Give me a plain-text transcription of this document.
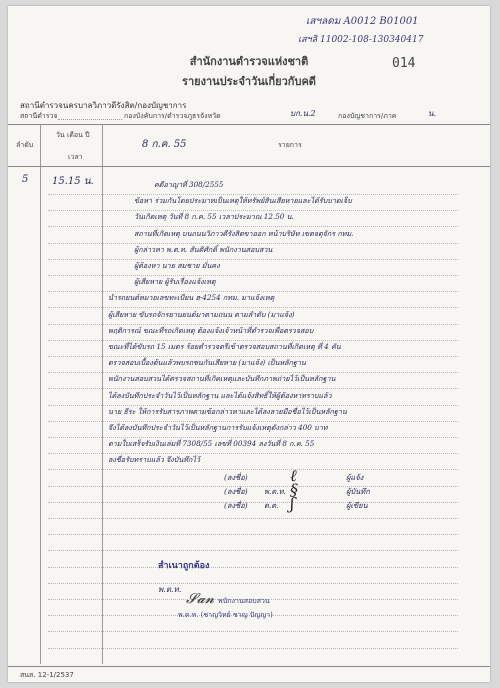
เสฯลดม A0012 B01001
เสฯลิ 11002-108-130340417
014
สำนักงานตำรวจแห่งชาติ
รายงานประจำวันเกี่ยวกับคดี
สถานีตำรวจนครบาลวิภาวดีรังสิต/กองบัญชาการ
สถานีตำรวจ	กองบังคับการ/ตำรวจภูธรจังหวัด	บก.น.2	กองบัญชาการ/ภาค	น.
ลำดับ
วัน เดือน ปี
เวลา
8 ก.ค. 55	รายการ
5 15.15 น.	คดีอาญาที่ 308/2555
ข้อหา ร่วมกันโดยประมาทเป็นเหตุให้ทรัพย์สินเสียหายและได้รับบาดเจ็บ
วันเกิดเหตุ วันที่ 8 ก.ค. 55 เวลาประมาณ 12.50 น.
สถานที่เกิดเหตุ บนถนนวิภาวดีรังสิตขาออก หน้าบริษัท เขตจตุจักร กทม.
ผู้กล่าวหา พ.ต.ท. สันติศักดิ์ พนักงานสอบสวน
ผู้ต้องหา นาย สมชาย มั่นคง
ผู้เสียหาย ผู้รับเรื่องแจ้งเหตุ
นำรถยนต์หมายเลขทะเบียน ฮ-4254 กทม. มาแจ้งเหตุ
ผู้เสียหาย ขับรถจักรยานยนต์มาตามถนน ตามลำดับ (มาแจ้ง)
พฤติการณ์ ขณะที่รถเกิดเหตุ ต้องแจ้งเจ้าหน้าที่ตำรวจเพื่อตรวจสอบ
ขณะที่ได้ขับรถ 15 เมตร ร้อยตำรวจตรีเข้าตรวจสอบสถานที่เกิดเหตุ ที่ 4 คัน
ตรวจสอบเบื้องต้นแล้วพบรถชนกันเสียหาย (มาแจ้ง) เป็นหลักฐาน
พนักงานสอบสวนได้ตรวจสถานที่เกิดเหตุและบันทึกภาพถ่ายไว้เป็นหลักฐาน
ได้ลงบันทึกประจำวันไว้เป็นหลักฐาน และได้แจ้งสิทธิ์ให้ผู้ต้องหาทราบแล้ว
นาย ธีระ ให้การรับสารภาพตามข้อกล่าวหาและได้ลงลายมือชื่อไว้เป็นหลักฐาน
จึงได้ลงบันทึกประจำวันไว้เป็นหลักฐานการรับแจ้งเหตุดังกล่าว 400 บาท
ตามใบเสร็จรับเงินเล่มที่ 7308/55 เลขที่ 00394 ลงวันที่ 8 ก.ค. 55
ลงชื่อรับทราบแล้ว จึงบันทึกไว้
(ลงชื่อ)	ℓ	ผู้แจ้ง
(ลงชื่อ) พ.ต.ท. §	ผู้บันทึก
(ลงชื่อ) ด.ต. ʃ	ผู้เขียน
สำเนาถูกต้อง
พ.ต.ท.
𝓢𝓪𝓷 พนักงานสอบสวน
พ.ต.ท. (ชาญวิทย์ ชาญ ปัญญา)
สนส. 12-1/2537
